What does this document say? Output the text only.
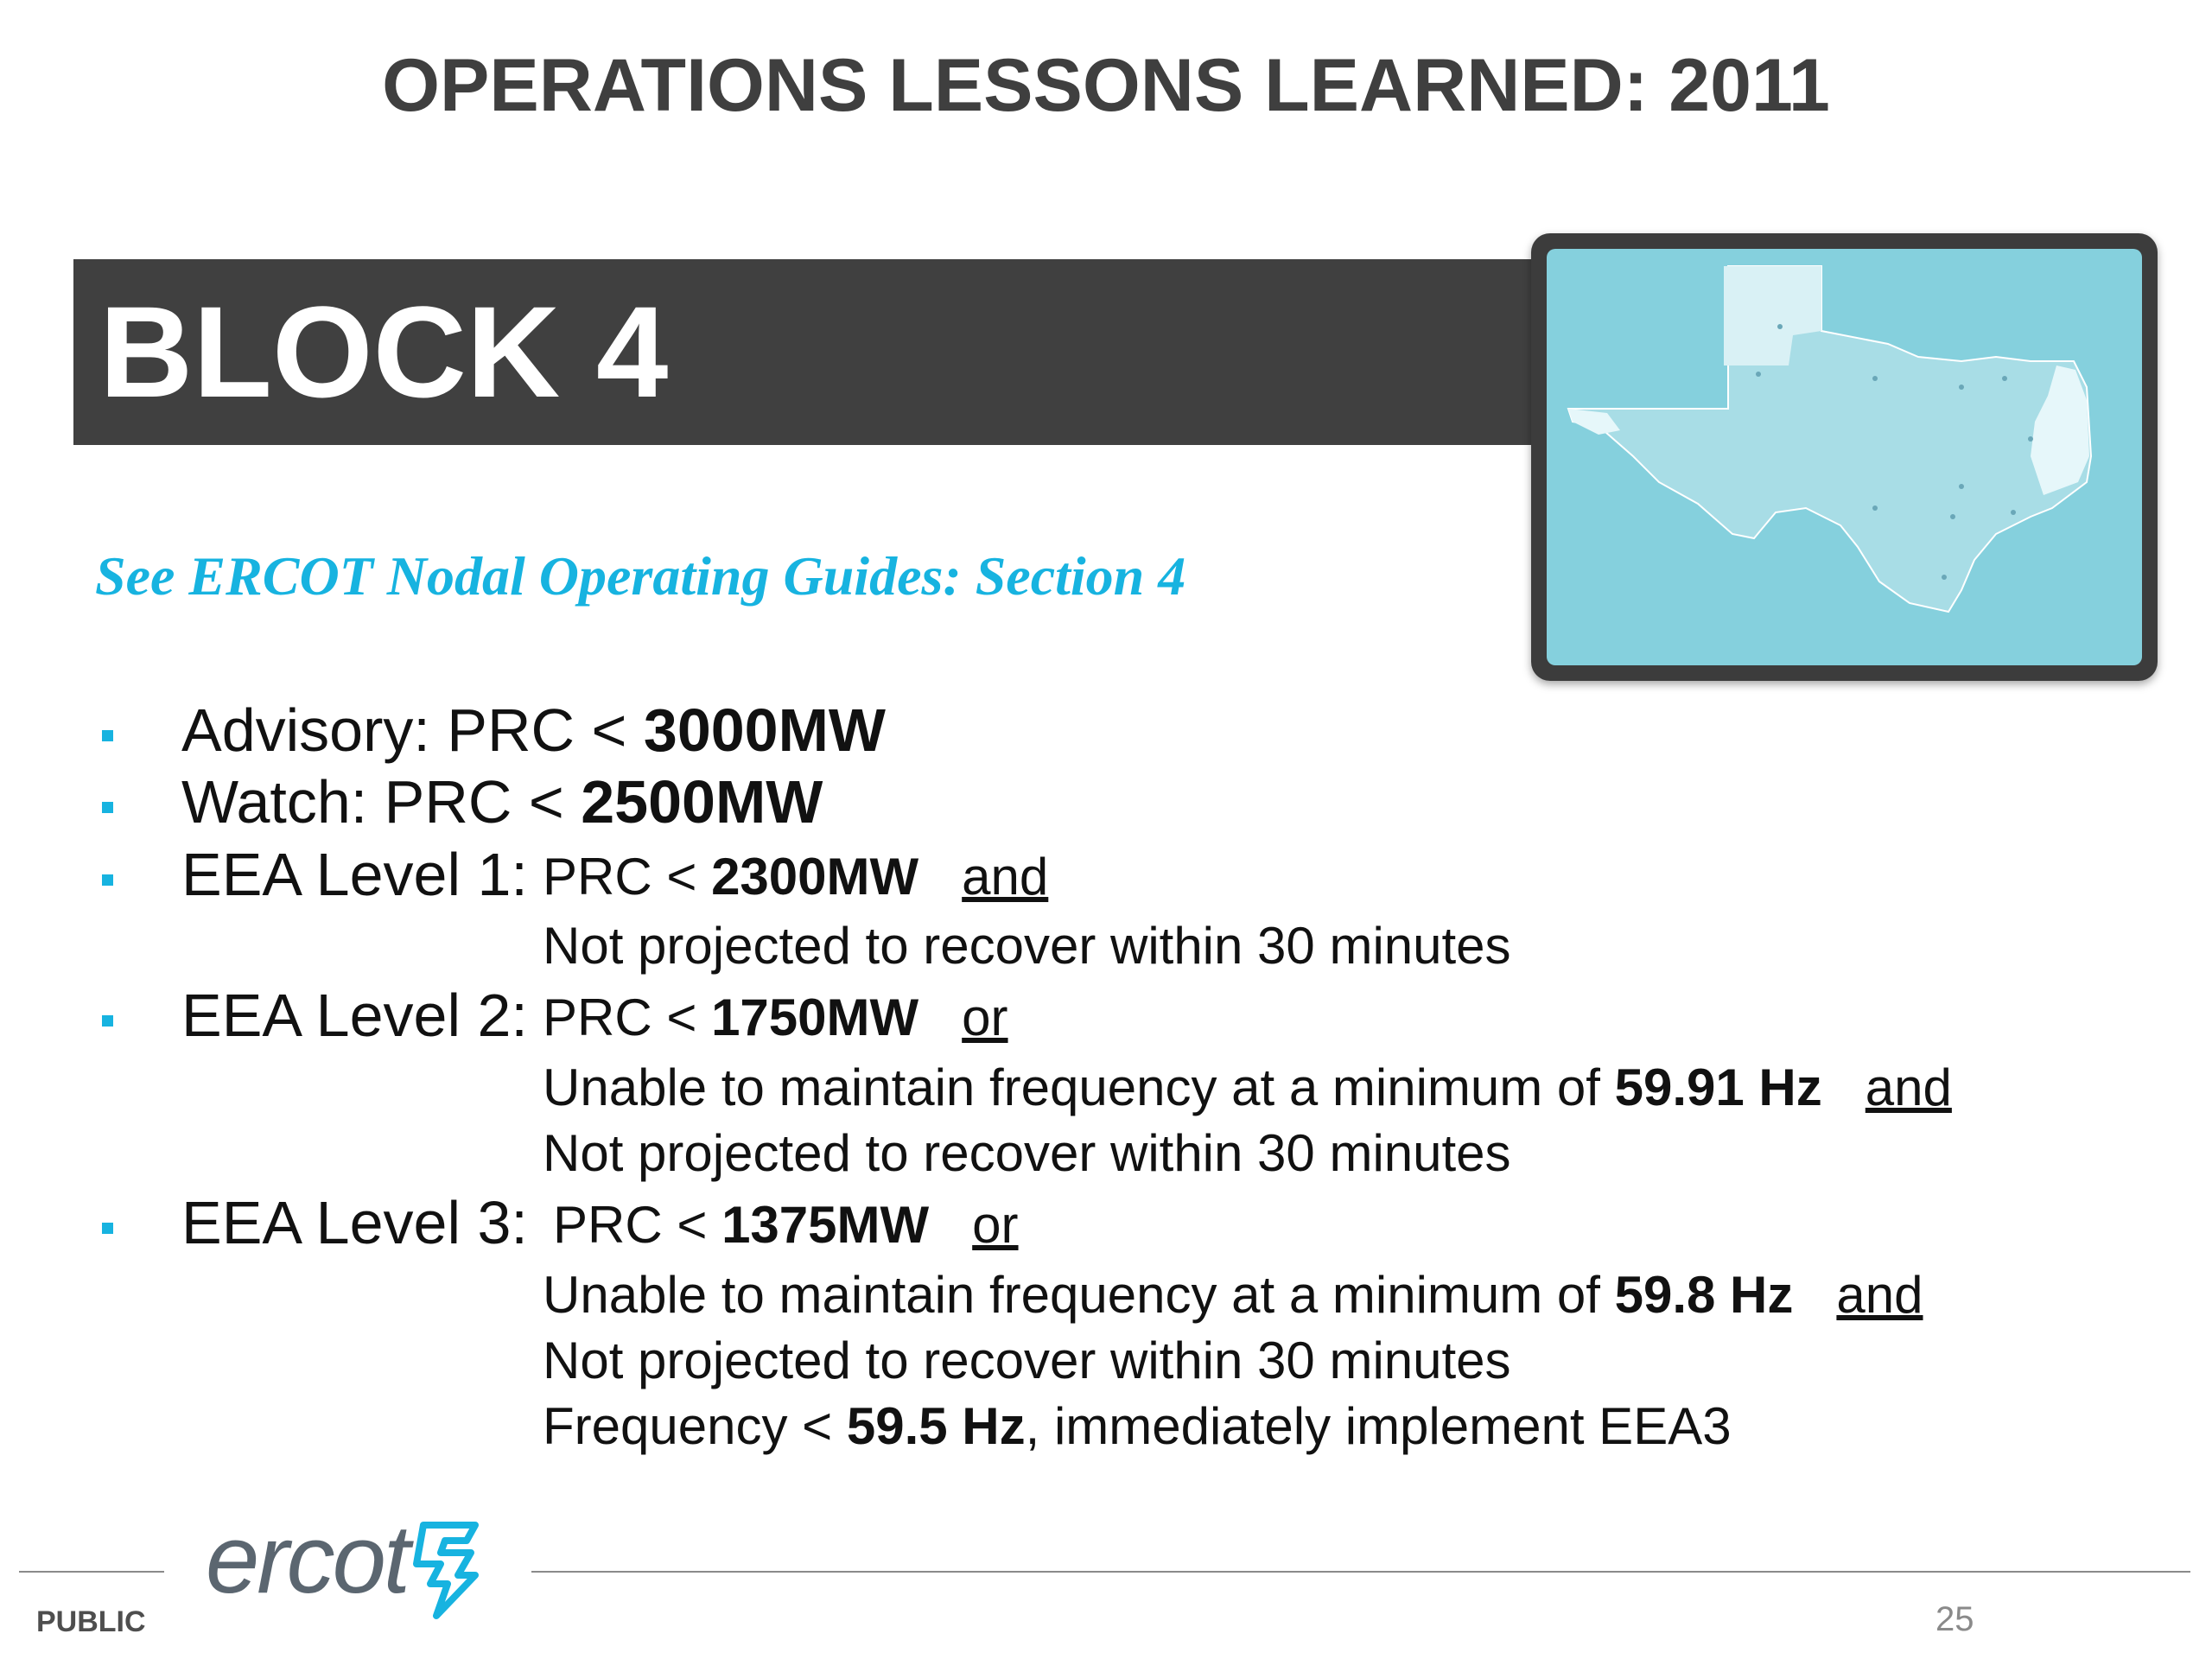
OPERATIONS LESSONS LEARNED: 2011
BLOCK 4
See ERCOT Nodal Operating Guides: Section 4
Advisory: PRC < 3000MW
Watch: PRC < 2500MW
EEA Level 1: PRC < 2300MW and
Not projected to recover within 30 minutes
EEA Level 2: PRC < 1750MW or
Unable to maintain frequency at a minimum of 59.91 Hz and
Not projected to recover within 30 minutes
EEA Level 3: PRC < 1375MW or
Unable to maintain frequency at a minimum of 59.8 Hz and
Not projected to recover within 30 minutes
Frequency < 59.5 Hz, immediately implement EEA3
ercot
PUBLIC	25
